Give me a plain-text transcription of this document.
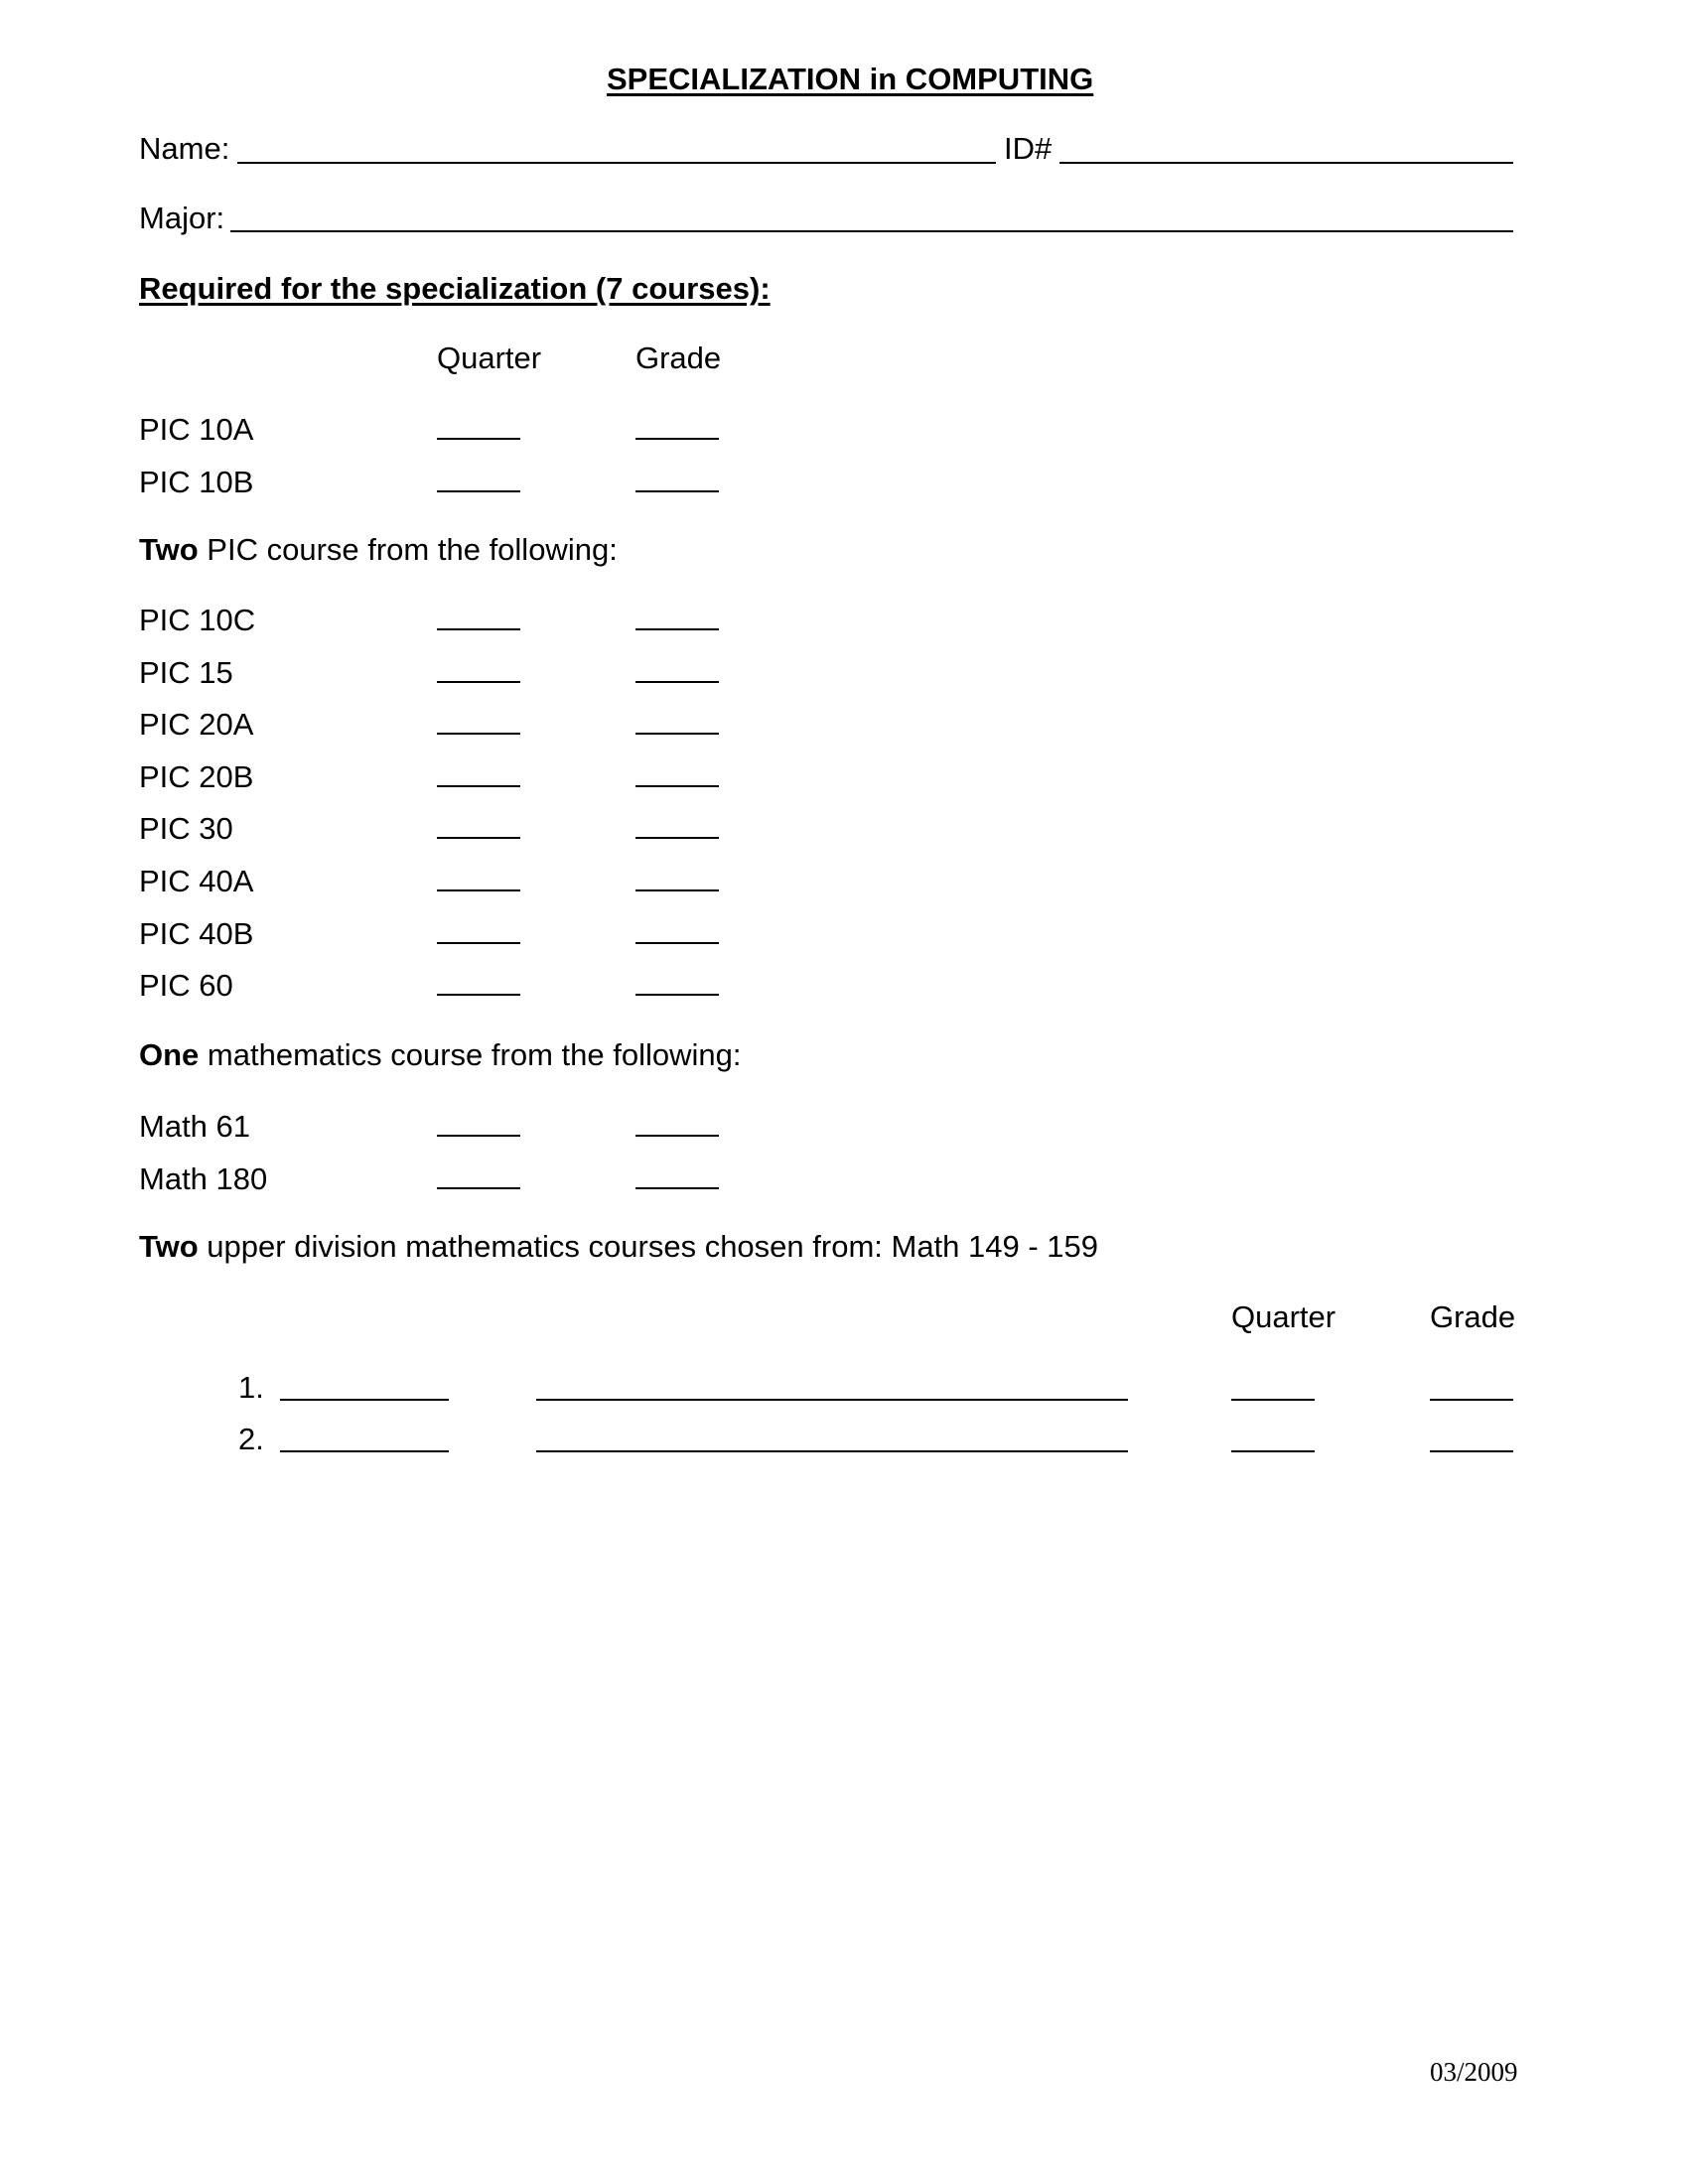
SPECIALIZATION in COMPUTING
Name:	ID#
Major:
Required for the specialization (7 courses):
Quarter	Grade
PIC 10A
PIC 10B
Two PIC course from the following:
PIC 10C
PIC 15
PIC 20A
PIC 20B
PIC 30
PIC 40A
PIC 40B
PIC 60
One mathematics course from the following:
Math 61
Math 180
Two upper division mathematics courses chosen from: Math 149 - 159
Quarter	Grade
1.
2.
03/2009
